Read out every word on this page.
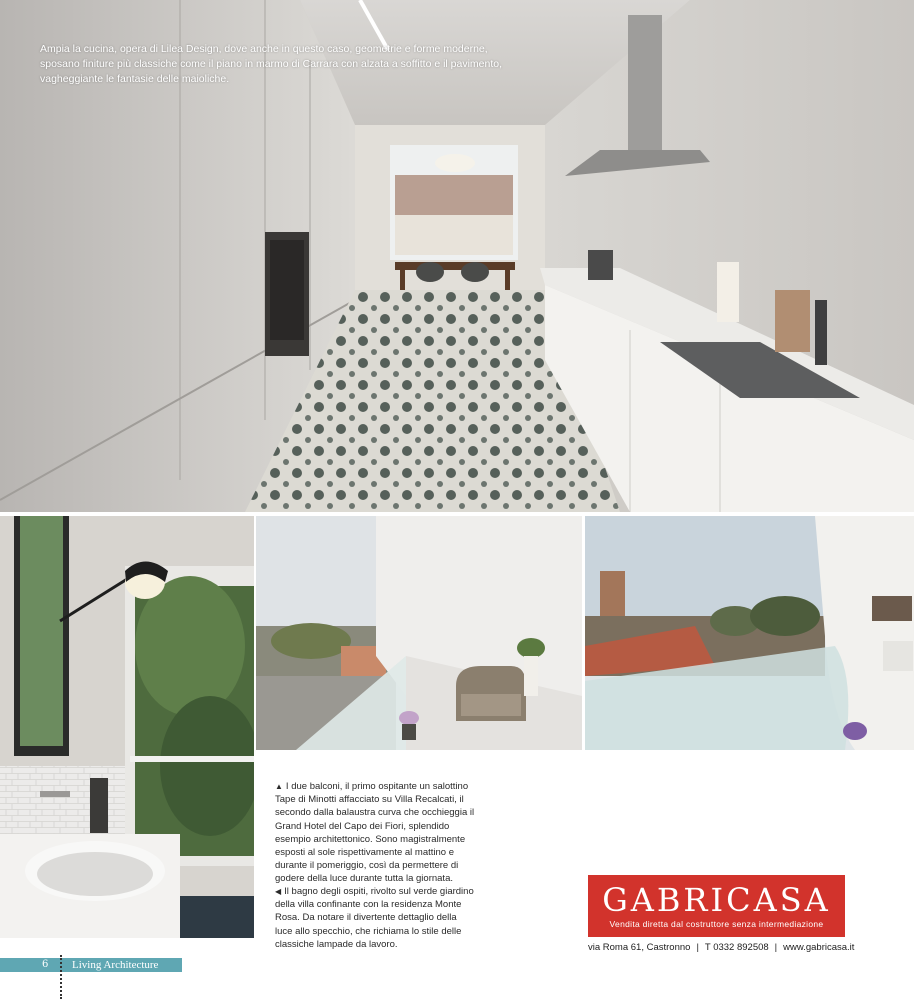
Ampia la cucina, opera di Lilea Design, dove anche in questo caso, geometrie e forme moderne, sposano finiture più classiche come il piano in marmo di Carrara con alzata a soffitto e il pavimento, vagheggiante le fantasie delle maioliche.
▲ I due balconi, il primo ospitante un salottino Tape di Minotti affacciato su Villa Recalcati, il secondo dalla balaustra curva che occhieggia il Grand Hotel del Capo dei Fiori, splendido esempio architettonico. Sono magistralmente esposti al sole rispettivamente al mattino e durante il pomeriggio, così da permettere di godere della luce durante tutta la giornata.
◀ Il bagno degli ospiti, rivolto sul verde giardino della villa confinante con la residenza Monte Rosa. Da notare il divertente dettaglio della luce allo specchio, che richiama lo stile delle classiche lampade da lavoro.
GABRICASA
Vendita diretta dal costruttore senza intermediazione
via Roma 61, Castronno | T 0332 892508 | www.gabricasa.it
6 Living Architecture
